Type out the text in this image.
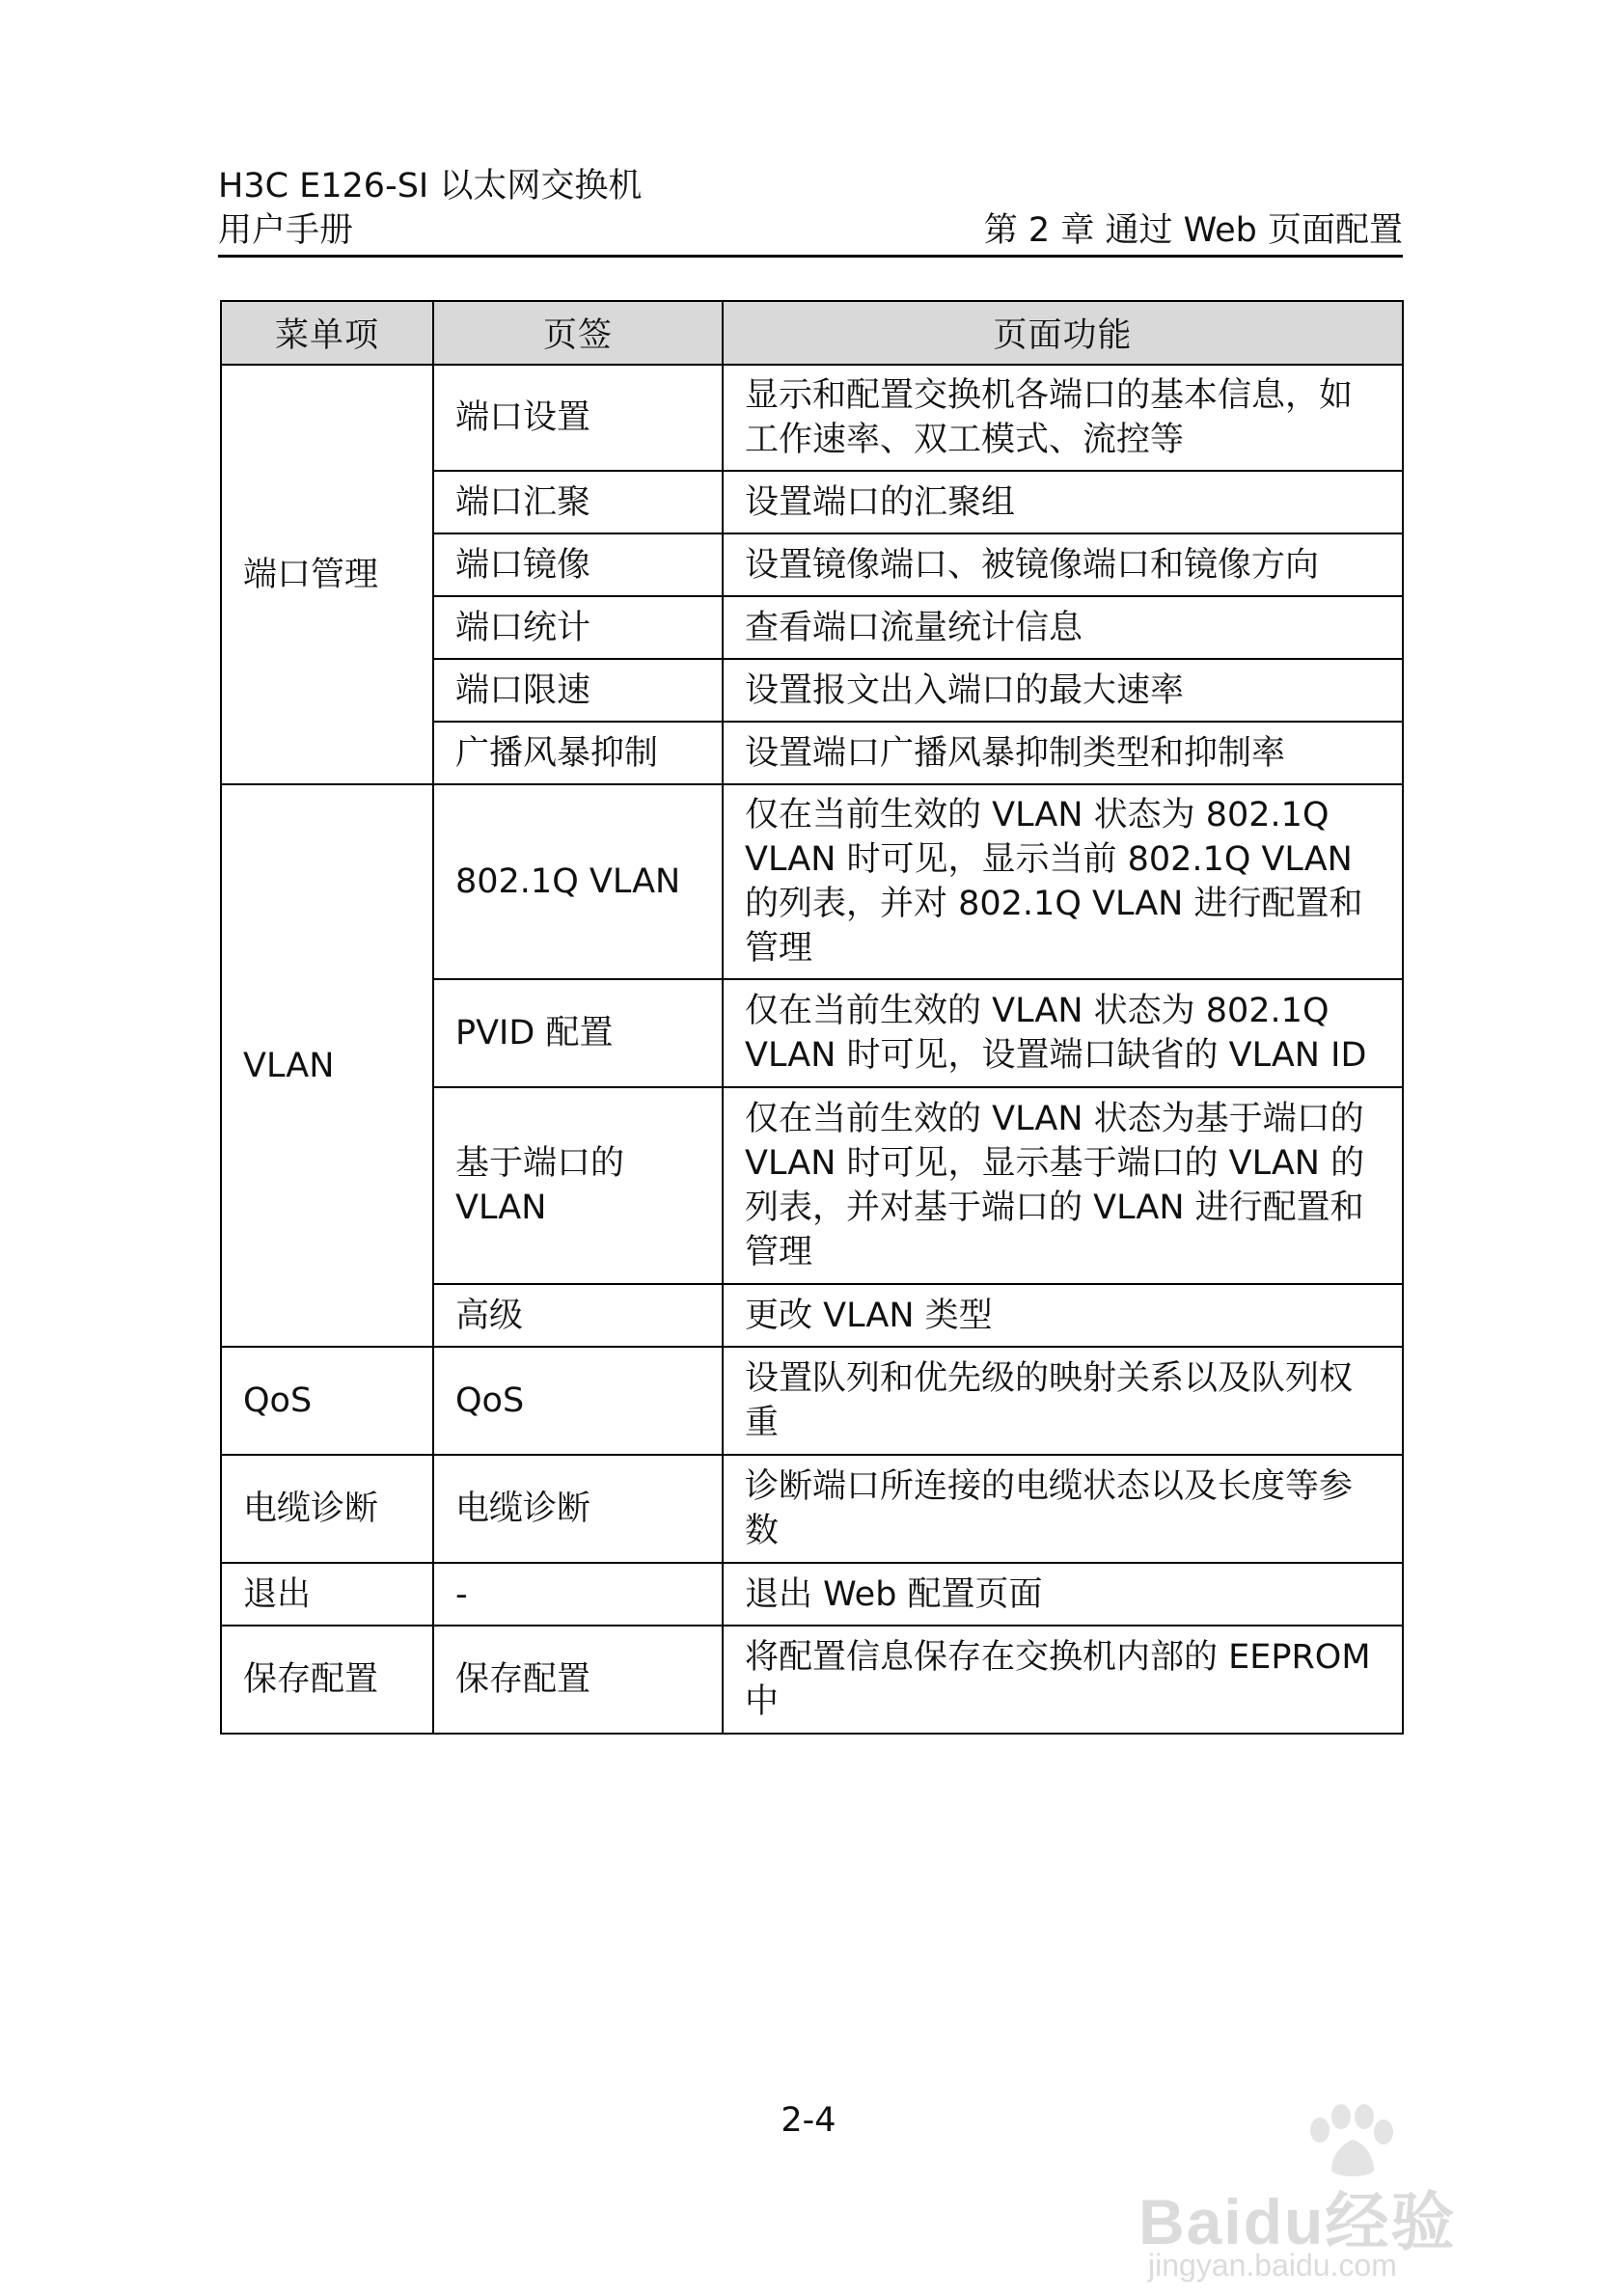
H3C E126-SI 以太网交换机
用户手册	第 2 章 通过 Web 页面配置
菜单项	页签	页面功能
端口管理	端口设置	显示和配置交换机各端口的基本信息，如工作速率、双工模式、流控等
	端口汇聚	设置端口的汇聚组
	端口镜像	设置镜像端口、被镜像端口和镜像方向
	端口统计	查看端口流量统计信息
	端口限速	设置报文出入端口的最大速率
	广播风暴抑制	设置端口广播风暴抑制类型和抑制率
VLAN	802.1Q VLAN	仅在当前生效的 VLAN 状态为 802.1Q VLAN 时可见，显示当前 802.1Q VLAN 的列表，并对 802.1Q VLAN 进行配置和管理
	PVID 配置	仅在当前生效的 VLAN 状态为 802.1Q VLAN 时可见，设置端口缺省的 VLAN ID
	基于端口的 VLAN	仅在当前生效的 VLAN 状态为基于端口的 VLAN 时可见，显示基于端口的 VLAN 的列表，并对基于端口的 VLAN 进行配置和管理
	高级	更改 VLAN 类型
QoS	QoS	设置队列和优先级的映射关系以及队列权重
电缆诊断	电缆诊断	诊断端口所连接的电缆状态以及长度等参数
退出	-	退出 Web 配置页面
保存配置	保存配置	将配置信息保存在交换机内部的 EEPROM 中
2-4
Baidu经验
jingyan.baidu.com
